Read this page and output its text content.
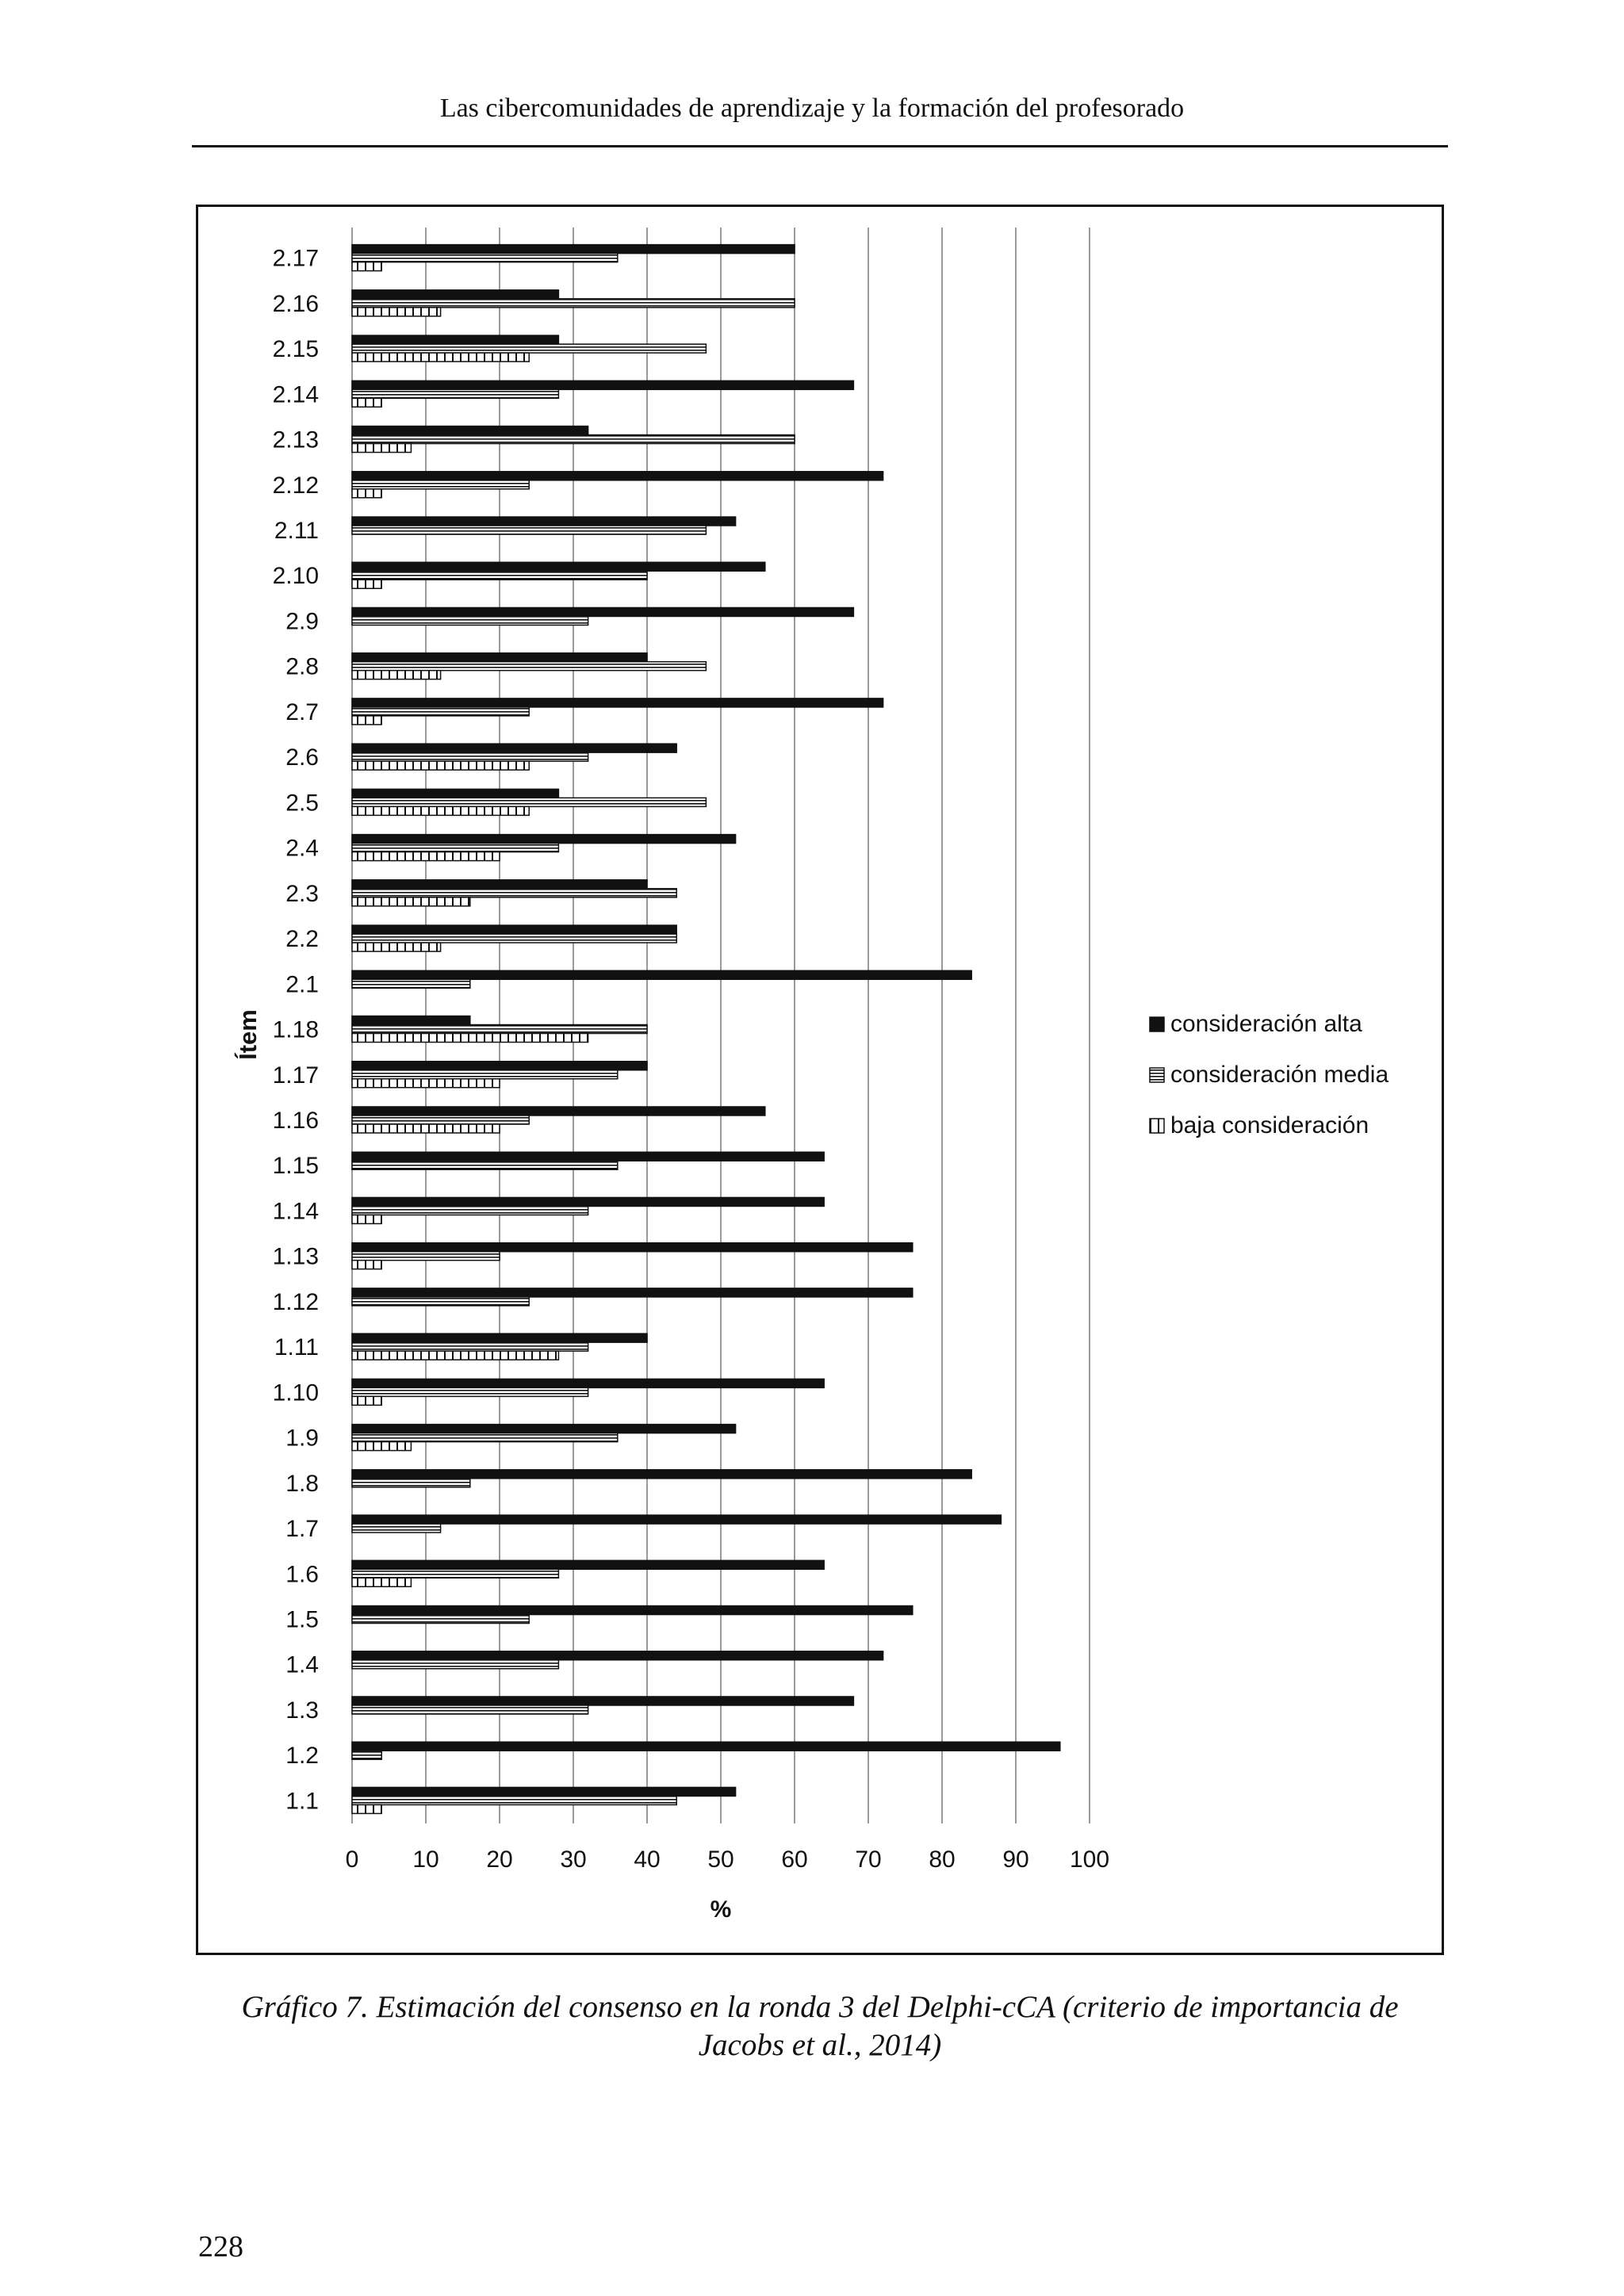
Las cibercomunidades de aprendizaje y la formación del profesorado
2.17
2.16
2.15
2.14
2.13
2.12
2.11
2.10
2.9
2.8
2.7
2.6
2.5
2.4
2.3
2.2
2.1
1.18
1.17
1.16
1.15
1.14
1.13
1.12
1.11
1.10
1.9
1.8
1.7
1.6
1.5
1.4
1.3
1.2
1.1
0 10 20 30 40 50 60 70 80 90 100
Ítem
%
consideración alta
consideración media
baja consideración
Gráfico 7. Estimación del consenso en la ronda 3 del Delphi-cCA (criterio de importancia de
Jacobs et al., 2014)
228
